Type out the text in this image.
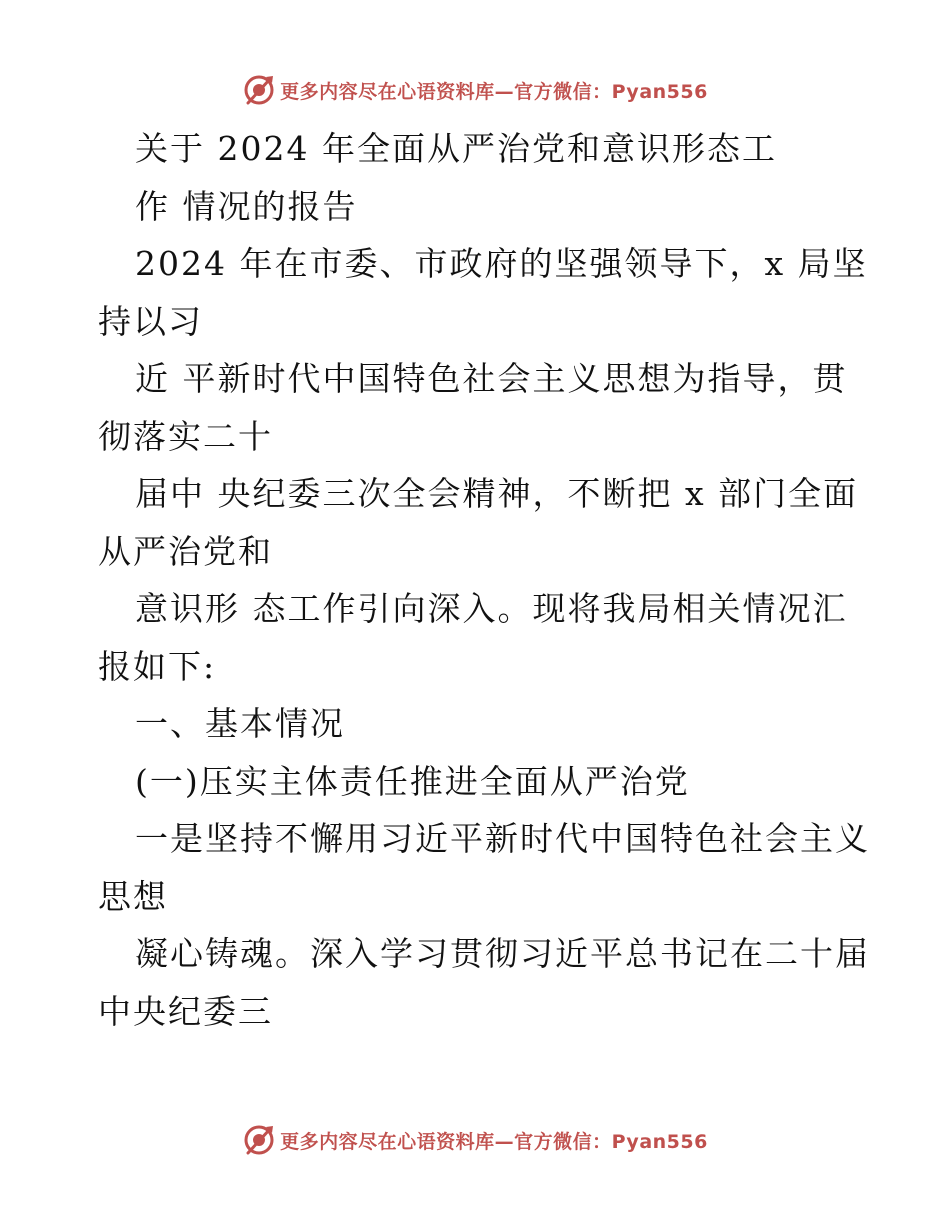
更多内容尽在心语资料库—官方微信：Pyan556
关于 2024 年全面从严治党和意识形态工
作 情况的报告
2024 年在市委、市政府的坚强领导下，x 局坚
持以习
近 平新时代中国特色社会主义思想为指导，贯
彻落实二十
届中 央纪委三次全会精神，不断把 x 部门全面
从严治党和
意识形 态工作引向深入。现将我局相关情况汇
报如下:
一、基本情况
(一)压实主体责任推进全面从严治党
一是坚持不懈用习近平新时代中国特色社会主义
思想
凝心铸魂。深入学习贯彻习近平总书记在二十届
中央纪委三
更多内容尽在心语资料库—官方微信：Pyan556
